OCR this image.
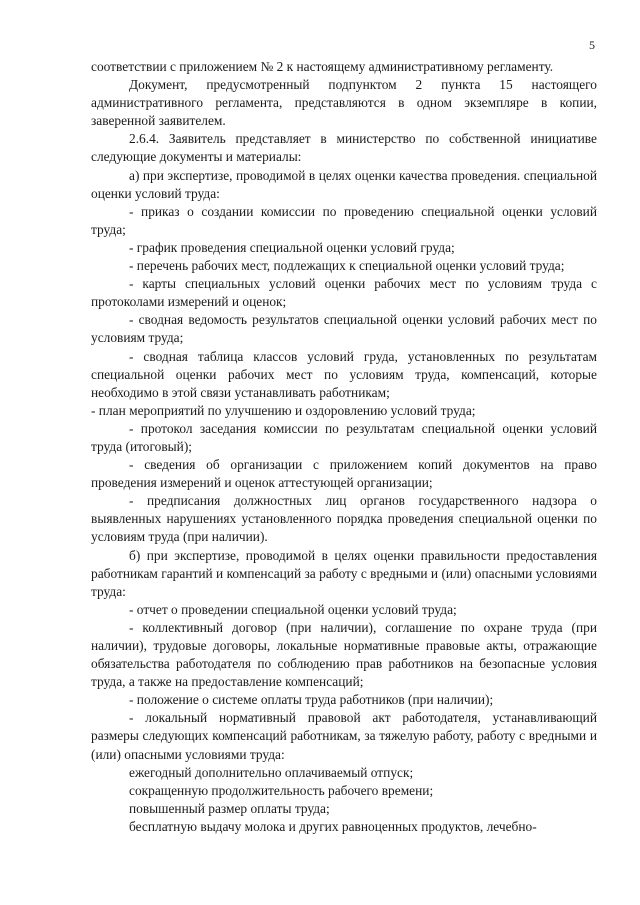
5

соответствии с приложением № 2 к настоящему административному регламенту.

Документ, предусмотренный подпунктом 2 пункта 15 настоящего административного регламента, представляются в одном экземпляре в копии, заверенной заявителем.

2.6.4. Заявитель представляет в министерство по собственной инициативе следующие документы и материалы:

а) при экспертизе, проводимой в целях оценки качества проведения. специальной оценки условий труда:

- приказ о создании комиссии по проведению специальной оценки условий труда;

- график проведения специальной оценки условий груда;

- перечень рабочих мест, подлежащих к специальной оценки условий труда;

- карты специальных условий оценки рабочих мест по условиям труда с протоколами измерений и оценок;

- сводная ведомость результатов специальной оценки условий рабочих мест по условиям труда;

- сводная таблица классов условий груда, установленных по результатам специальной оценки рабочих мест по условиям труда, компенсаций, которые необходимо в этой связи устанавливать работникам;

- план мероприятий по улучшению и оздоровлению условий труда;

- протокол заседания комиссии по результатам специальной оценки условий труда (итоговый);

- сведения об организации с приложением копий документов на право проведения измерений и оценок аттестующей организации;

- предписания должностных лиц органов государственного надзора о выявленных нарушениях установленного порядка проведения специальной оценки по условиям труда (при наличии).

б) при экспертизе, проводимой в целях оценки правильности предоставления работникам гарантий и компенсаций за работу с вредными и (или) опасными условиями труда:

- отчет о проведении специальной оценки условий труда;

- коллективный договор (при наличии), соглашение по охране труда (при наличии), трудовые договоры, локальные нормативные правовые акты, отражающие обязательства работодателя по соблюдению прав работников на безопасные условия труда, а также на предоставление компенсаций;

- положение о системе оплаты труда работников (при наличии);

- локальный нормативный правовой акт работодателя, устанавливающий размеры следующих компенсаций работникам, за тяжелую работу, работу с вредными и (или) опасными условиями труда:

ежегодный дополнительно оплачиваемый отпуск;

сокращенную продолжительность рабочего времени;

повышенный размер оплаты труда;

бесплатную выдачу молока и других равноценных продуктов, лечебно-
